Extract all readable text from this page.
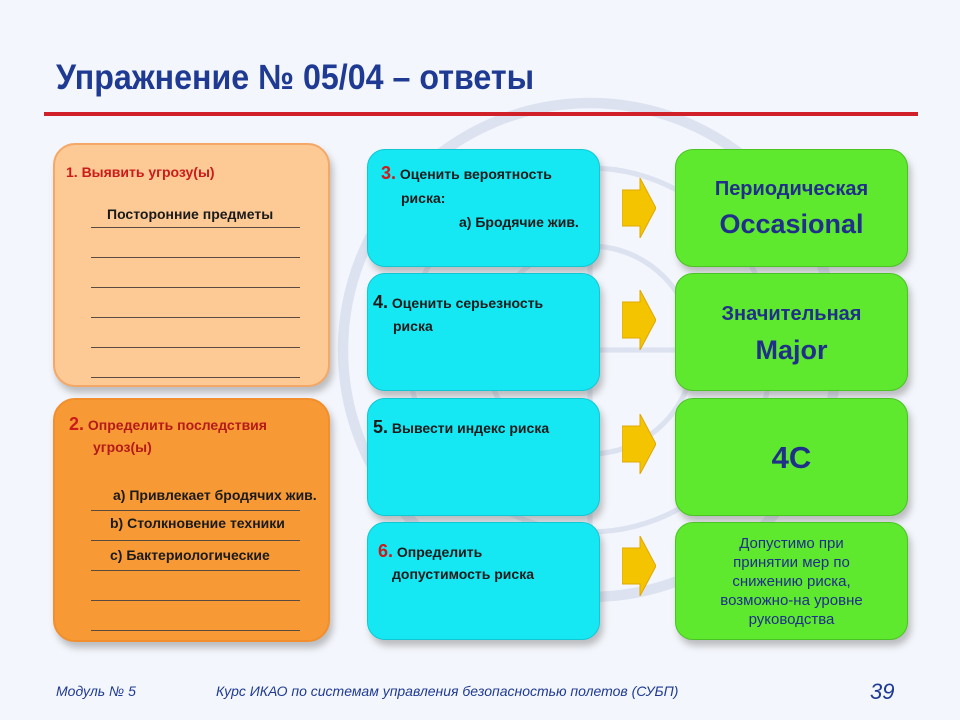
Упражнение № 05/04 – ответы
1. Выявить угрозу(ы)
Посторонние предметы
2. Определить последствия
угроз(ы)
a) Привлекает бродячих жив.
b) Столкновение техники
c) Бактериологические
3. Оценить вероятность
риска:
a) Бродячие жив.
4. Оценить серьезность
риска
5. Вывести индекс риска
6. Определить
допустимость риска
Периодическая
Occasional
Значительная
Major
4C
Допустимо при
принятии мер по
снижению риска,
возможно-на уровне
руководства
Модуль № 5	Курс ИКАО по системам управления безопасностью полетов (СУБП)	39
